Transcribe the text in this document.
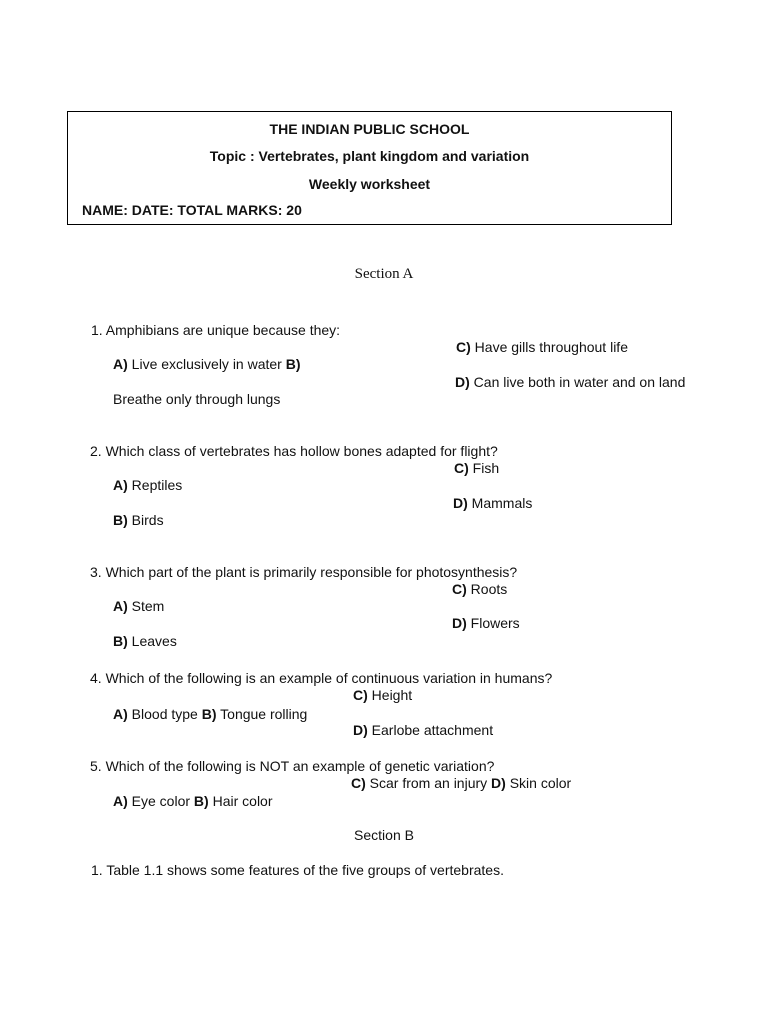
THE INDIAN PUBLIC SCHOOL
Topic : Vertebrates, plant kingdom and variation
Weekly worksheet
NAME: DATE: TOTAL MARKS: 20
Section A
1. Amphibians are unique because they:
C) Have gills throughout life
A) Live exclusively in water B)
D) Can live both in water and on land
Breathe only through lungs
2. Which class of vertebrates has hollow bones adapted for flight?
C) Fish
A) Reptiles
D) Mammals
B) Birds
3. Which part of the plant is primarily responsible for photosynthesis?
C) Roots
A) Stem
D) Flowers
B) Leaves
4. Which of the following is an example of continuous variation in humans?
C) Height
A) Blood type B) Tongue rolling
D) Earlobe attachment
5. Which of the following is NOT an example of genetic variation?
C) Scar from an injury D) Skin color
A) Eye color B) Hair color
Section B
1. Table 1.1 shows some features of the five groups of vertebrates.
